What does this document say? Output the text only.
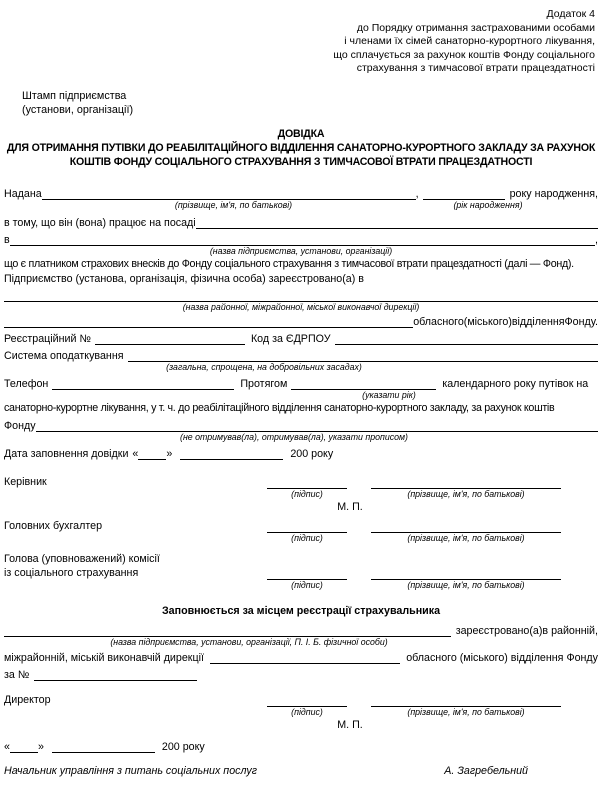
Додаток 4
до Порядку отримання застрахованими особами
і членами їх сімей санаторно-курортного лікування,
що сплачується за рахунок коштів Фонду соціального
страхування з тимчасової втрати працездатності
Штамп підприємства
(установи, організації)
ДОВІДКА
ДЛЯ ОТРИМАННЯ ПУТІВКИ ДО РЕАБІЛІТАЦІЙНОГО ВІДДІЛЕННЯ САНАТОРНО-КУРОРТНОГО ЗАКЛАДУ ЗА РАХУНОК
КОШТІВ ФОНДУ СОЦІАЛЬНОГО СТРАХУВАННЯ З ТИМЧАСОВОЇ ВТРАТИ ПРАЦЕЗДАТНОСТІ
Надана	,	року народження,
(прізвище, ім'я, по батькові)	(рік народження)
в тому, що він (вона) працює на посаді
в	,
(назва підприємства, установи, організації)
що є платником страхових внесків до Фонду соціального страхування з тимчасової втрати працездатності (далі — Фонд).
Підприємство (установа, організація, фізична особа) зареєстровано(а) в
(назва районної, міжрайонної, міської виконавчої дирекції)
обласного(міського)відділенняФонду.
Реєстраційний №	Код за ЄДРПОУ
Система оподаткування
(загальна, спрощена, на добровільних засадах)
Телефон	Протягом	календарного року путівок на
(указати рік)
санаторно-курортне лікування, у т. ч. до реабілітаційного відділення санаторно-курортного закладу, за рахунок коштів
Фонду
(не отримував(ла), отримував(ла), указати прописом)
Дата заповнення довідки «	»	200 року
Керівник
(підпис)	(прізвище, ім'я, по батькові)
М. П.
Головних бухгалтер
(підпис)	(прізвище, ім'я, по батькові)
Голова (уповноважений) комісії
із соціального страхування
(підпис)	(прізвище, ім'я, по батькові)
Заповнюється за місцем реєстрації страхувальника
зареєстровано(а)в районній,
(назва підприємства, установи, організації, П. І. Б. фізичної особи)
міжрайонній, міській виконавчій дирекції	обласного (міського) відділення Фонду
за №
Директор
(підпис)	(прізвище, ім'я, по батькові)
М. П.
«	»	200 року
Начальник управління з питань соціальних послуг	А. Загребельний
